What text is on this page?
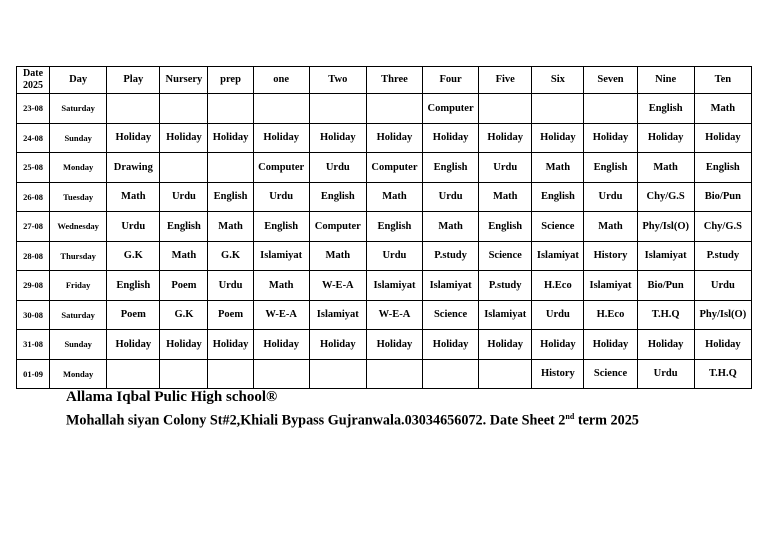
Date 2025	Day	Play	Nursery	prep	one	Two	Three	Four	Five	Six	Seven	Nine	Ten
23-08	Saturday							Computer				English	Math
24-08	Sunday	Holiday	Holiday	Holiday	Holiday	Holiday	Holiday	Holiday	Holiday	Holiday	Holiday	Holiday	Holiday
25-08	Monday	Drawing			Computer	Urdu	Computer	English	Urdu	Math	English	Math	English
26-08	Tuesday	Math	Urdu	English	Urdu	English	Math	Urdu	Math	English	Urdu	Chy/G.S	Bio/Pun
27-08	Wednesday	Urdu	English	Math	English	Computer	English	Math	English	Science	Math	Phy/Isl(O)	Chy/G.S
28-08	Thursday	G.K	Math	G.K	Islamiyat	Math	Urdu	P.study	Science	Islamiyat	History	Islamiyat	P.study
29-08	Friday	English	Poem	Urdu	Math	W-E-A	Islamiyat	Islamiyat	P.study	H.Eco	Islamiyat	Bio/Pun	Urdu
30-08	Saturday	Poem	G.K	Poem	W-E-A	Islamiyat	W-E-A	Science	Islamiyat	Urdu	H.Eco	T.H.Q	Phy/Isl(O)
31-08	Sunday	Holiday	Holiday	Holiday	Holiday	Holiday	Holiday	Holiday	Holiday	Holiday	Holiday	Holiday	Holiday
01-09	Monday									History	Science	Urdu	T.H.Q
Allama Iqbal Pulic High school®
Mohallah siyan Colony St#2,Khiali Bypass Gujranwala.03034656072. Date Sheet 2nd term 2025
